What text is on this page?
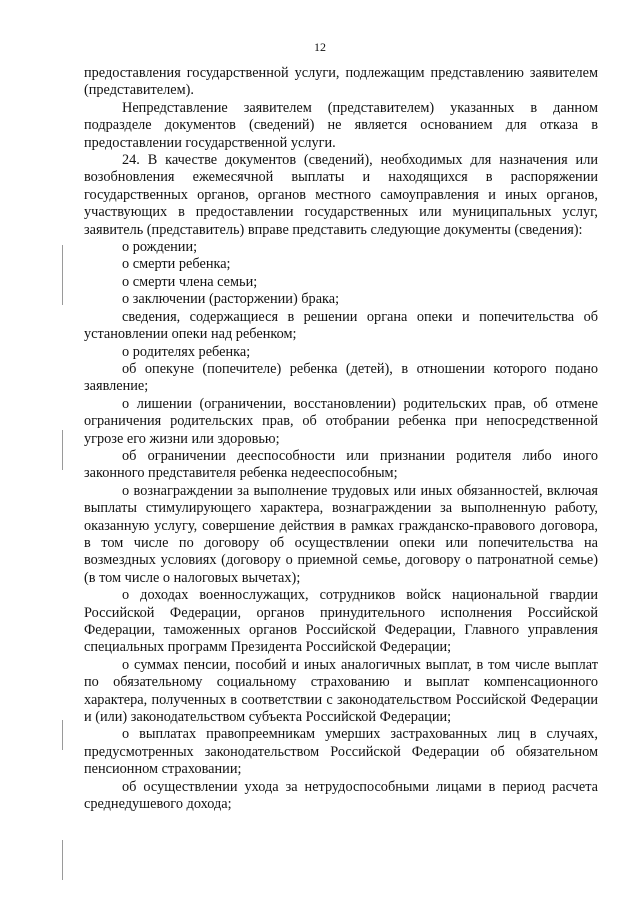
12

предоставления государственной услуги, подлежащим представлению заявителем (представителем).

Непредставление заявителем (представителем) указанных в данном подразделе документов (сведений) не является основанием для отказа в предоставлении государственной услуги.

24. В качестве документов (сведений), необходимых для назначения или возобновления ежемесячной выплаты и находящихся в распоряжении государственных органов, органов местного самоуправления и иных органов, участвующих в предоставлении государственных или муниципальных услуг, заявитель (представитель) вправе представить следующие документы (сведения):

о рождении;

о смерти ребенка;

о смерти члена семьи;

о заключении (расторжении) брака;

сведения, содержащиеся в решении органа опеки и попечительства об установлении опеки над ребенком;

о родителях ребенка;

об опекуне (попечителе) ребенка (детей), в отношении которого подано заявление;

о лишении (ограничении, восстановлении) родительских прав, об отмене ограничения родительских прав, об отобрании ребенка при непосредственной угрозе его жизни или здоровью;

об ограничении дееспособности или признании родителя либо иного законного представителя ребенка недееспособным;

о вознаграждении за выполнение трудовых или иных обязанностей, включая выплаты стимулирующего характера, вознаграждении за выполненную работу, оказанную услугу, совершение действия в рамках гражданско-правового договора, в том числе по договору об осуществлении опеки или попечительства на возмездных условиях (договору о приемной семье, договору о патронатной семье) (в том числе о налоговых вычетах);

о доходах военнослужащих, сотрудников войск национальной гвардии Российской Федерации, органов принудительного исполнения Российской Федерации, таможенных органов Российской Федерации, Главного управления специальных программ Президента Российской Федерации;

о суммах пенсии, пособий и иных аналогичных выплат, в том числе выплат по обязательному социальному страхованию и выплат компенсационного характера, полученных в соответствии с законодательством Российской Федерации и (или) законодательством субъекта Российской Федерации;

о выплатах правопреемникам умерших застрахованных лиц в случаях, предусмотренных законодательством Российской Федерации об обязательном пенсионном страховании;

об осуществлении ухода за нетрудоспособными лицами в период расчета среднедушевого дохода;
